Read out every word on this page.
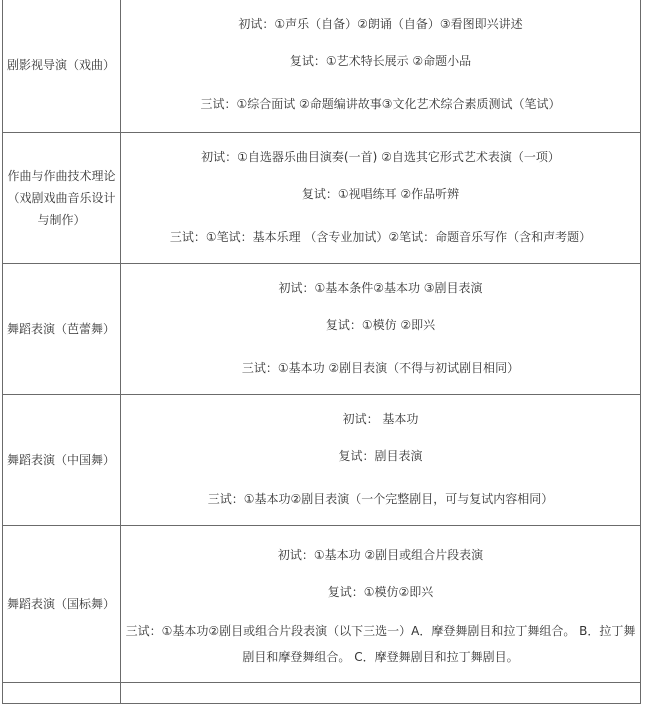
剧影视导演（戏曲）	初试：①声乐（自备）②朗诵（自备）③看图即兴讲述
复试：①艺术特长展示 ②命题小品
三试：①综合面试 ②命题编讲故事③文化艺术综合素质测试（笔试）

作曲与作曲技术理论（戏剧戏曲音乐设计与制作）	初试：①自选器乐曲目演奏(一首) ②自选其它形式艺术表演（一项）
复试：①视唱练耳 ②作品听辨
三试：①笔试：基本乐理 （含专业加试）②笔试：命题音乐写作（含和声考题）

舞蹈表演（芭蕾舞）	初试：①基本条件②基本功 ③剧目表演
复试：①模仿 ②即兴
三试：①基本功 ②剧目表演（不得与初试剧目相同）

舞蹈表演（中国舞）	初试： 基本功
复试：剧目表演
三试：①基本功②剧目表演（一个完整剧目，可与复试内容相同）

舞蹈表演（国标舞）	初试：①基本功 ②剧目或组合片段表演
复试：①模仿②即兴
三试：①基本功②剧目或组合片段表演（以下三选一）A．摩登舞剧目和拉丁舞组合。 B．拉丁舞剧目和摩登舞组合。 C．摩登舞剧目和拉丁舞剧目。
